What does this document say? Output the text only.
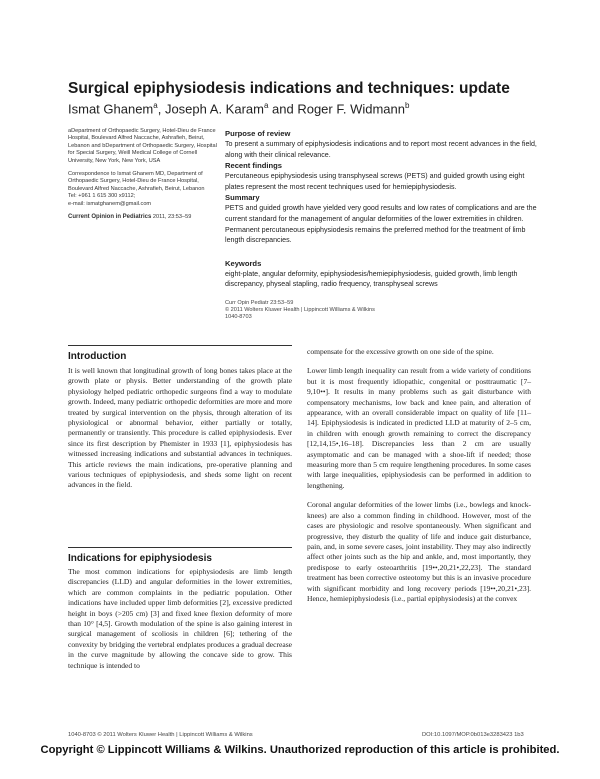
Surgical epiphysiodesis indications and techniques: update
Ismat Ghanem$^a$, Joseph A. Karam$^a$ and Roger F. Widmann$^b$

aDepartment of Orthopaedic Surgery, Hotel-Dieu de France Hospital, Boulevard Alfred Naccache, Ashrafieh, Beirut, Lebanon and bDepartment of Orthopaedic Surgery, Hospital for Special Surgery, Weill Medical College of Cornell University, New York, New York, USA

Correspondence to Ismat Ghanem MD, Department of Orthopaedic Surgery, Hotel-Dieu de France Hospital, Boulevard Alfred Naccache, Ashrafieh, Beirut, Lebanon
Tel: +961 1 615 300 x9112;
e-mail: ismatghanem@gmail.com

Current Opinion in Pediatrics 2011, 23:53–59

Purpose of review

To present a summary of epiphysiodesis indications and to report most recent advances in the field, along with their clinical relevance.

Recent findings

Percutaneous epiphysiodesis using transphyseal screws (PETS) and guided growth using eight plates represent the most recent techniques used for hemiepiphysiodesis.

Summary

PETS and guided growth have yielded very good results and low rates of complications and are the current standard for the management of angular deformities of the lower extremities in children. Permanent percutaneous epiphysiodesis remains the preferred method for the treatment of limb length discrepancies.

Keywords

eight-plate, angular deformity, epiphysiodesis/hemiepiphysiodesis, guided growth, limb length discrepancy, physeal stapling, radio frequency, transphyseal screws

Curr Opin Pediatr 23:53–59
© 2011 Wolters Kluwer Health | Lippincott Williams & Wilkins
1040-8703
Introduction

It is well known that longitudinal growth of long bones takes place at the growth plate or physis. Better understanding of the growth plate physiology helped pediatric orthopedic surgeons find a way to modulate growth. Indeed, many pediatric orthopedic deformities are more and more treated by surgical intervention on the physis, through alteration of its physiological or abnormal behavior, either partially or totally, permanently or transiently. This procedure is called epiphysiodesis. Ever since its first description by Phemister in 1933 [1], epiphysiodesis has witnessed increasing indications and substantial advances in techniques. This article reviews the main indications, pre-operative planning and various techniques of epiphysiodesis, and sheds some light on recent advances in the field.

Indications for epiphysiodesis

The most common indications for epiphysiodesis are limb length discrepancies (LLD) and angular deformities in the lower extremities, which are common complaints in the pediatric population. Other indications have included upper limb deformities [2], excessive predicted height in boys (>205 cm) [3] and fixed knee flexion deformity of more than 10° [4,5]. Growth modulation of the spine is also gaining interest in surgical management of scoliosis in children [6]; tethering of the convexity by bridging the vertebral endplates produces a gradual decrease in the curve magnitude by allowing the concave side to grow. This technique is intended to

compensate for the excessive growth on one side of the spine.

Lower limb length inequality can result from a wide variety of conditions but it is most frequently idiopathic, congenital or posttraumatic [7–9,10••]. It results in many problems such as gait disturbance with compensatory mechanisms, low back and knee pain, and alteration of appearance, with an overall considerable impact on quality of life [11–14]. Epiphysiodesis is indicated in predicted LLD at maturity of 2–5 cm, in children with enough growth remaining to correct the discrepancy [12,14,15•,16–18]. Discrepancies less than 2 cm are usually asymptomatic and can be managed with a shoe-lift if needed; those measuring more than 5 cm require lengthening procedures. In some cases with large inequalities, epiphysiodesis can be performed in addition to lengthening.

Coronal angular deformities of the lower limbs (i.e., bowlegs and knock-knees) are also a common finding in childhood. However, most of the cases are physiologic and resolve spontaneously. When significant and progressive, they disturb the quality of life and induce gait disturbance, pain, and, in some severe cases, joint instability. They may also indirectly affect other joints such as the hip and ankle, and, most importantly, they predispose to early osteoarthritis [19••,20,21•,22,23]. The standard treatment has been corrective osteotomy but this is an invasive procedure with significant morbidity and long recovery periods [19••,20,21•,23]. Hence, hemiepiphysiodesis (i.e., partial epiphysiodesis) at the convex

1040-8703 © 2011 Wolters Kluwer Health | Lippincott Williams & Wilkins	DOI:10.1097/MOP.0b013e3283423 1b3
Copyright © Lippincott Williams & Wilkins. Unauthorized reproduction of this article is prohibited.
